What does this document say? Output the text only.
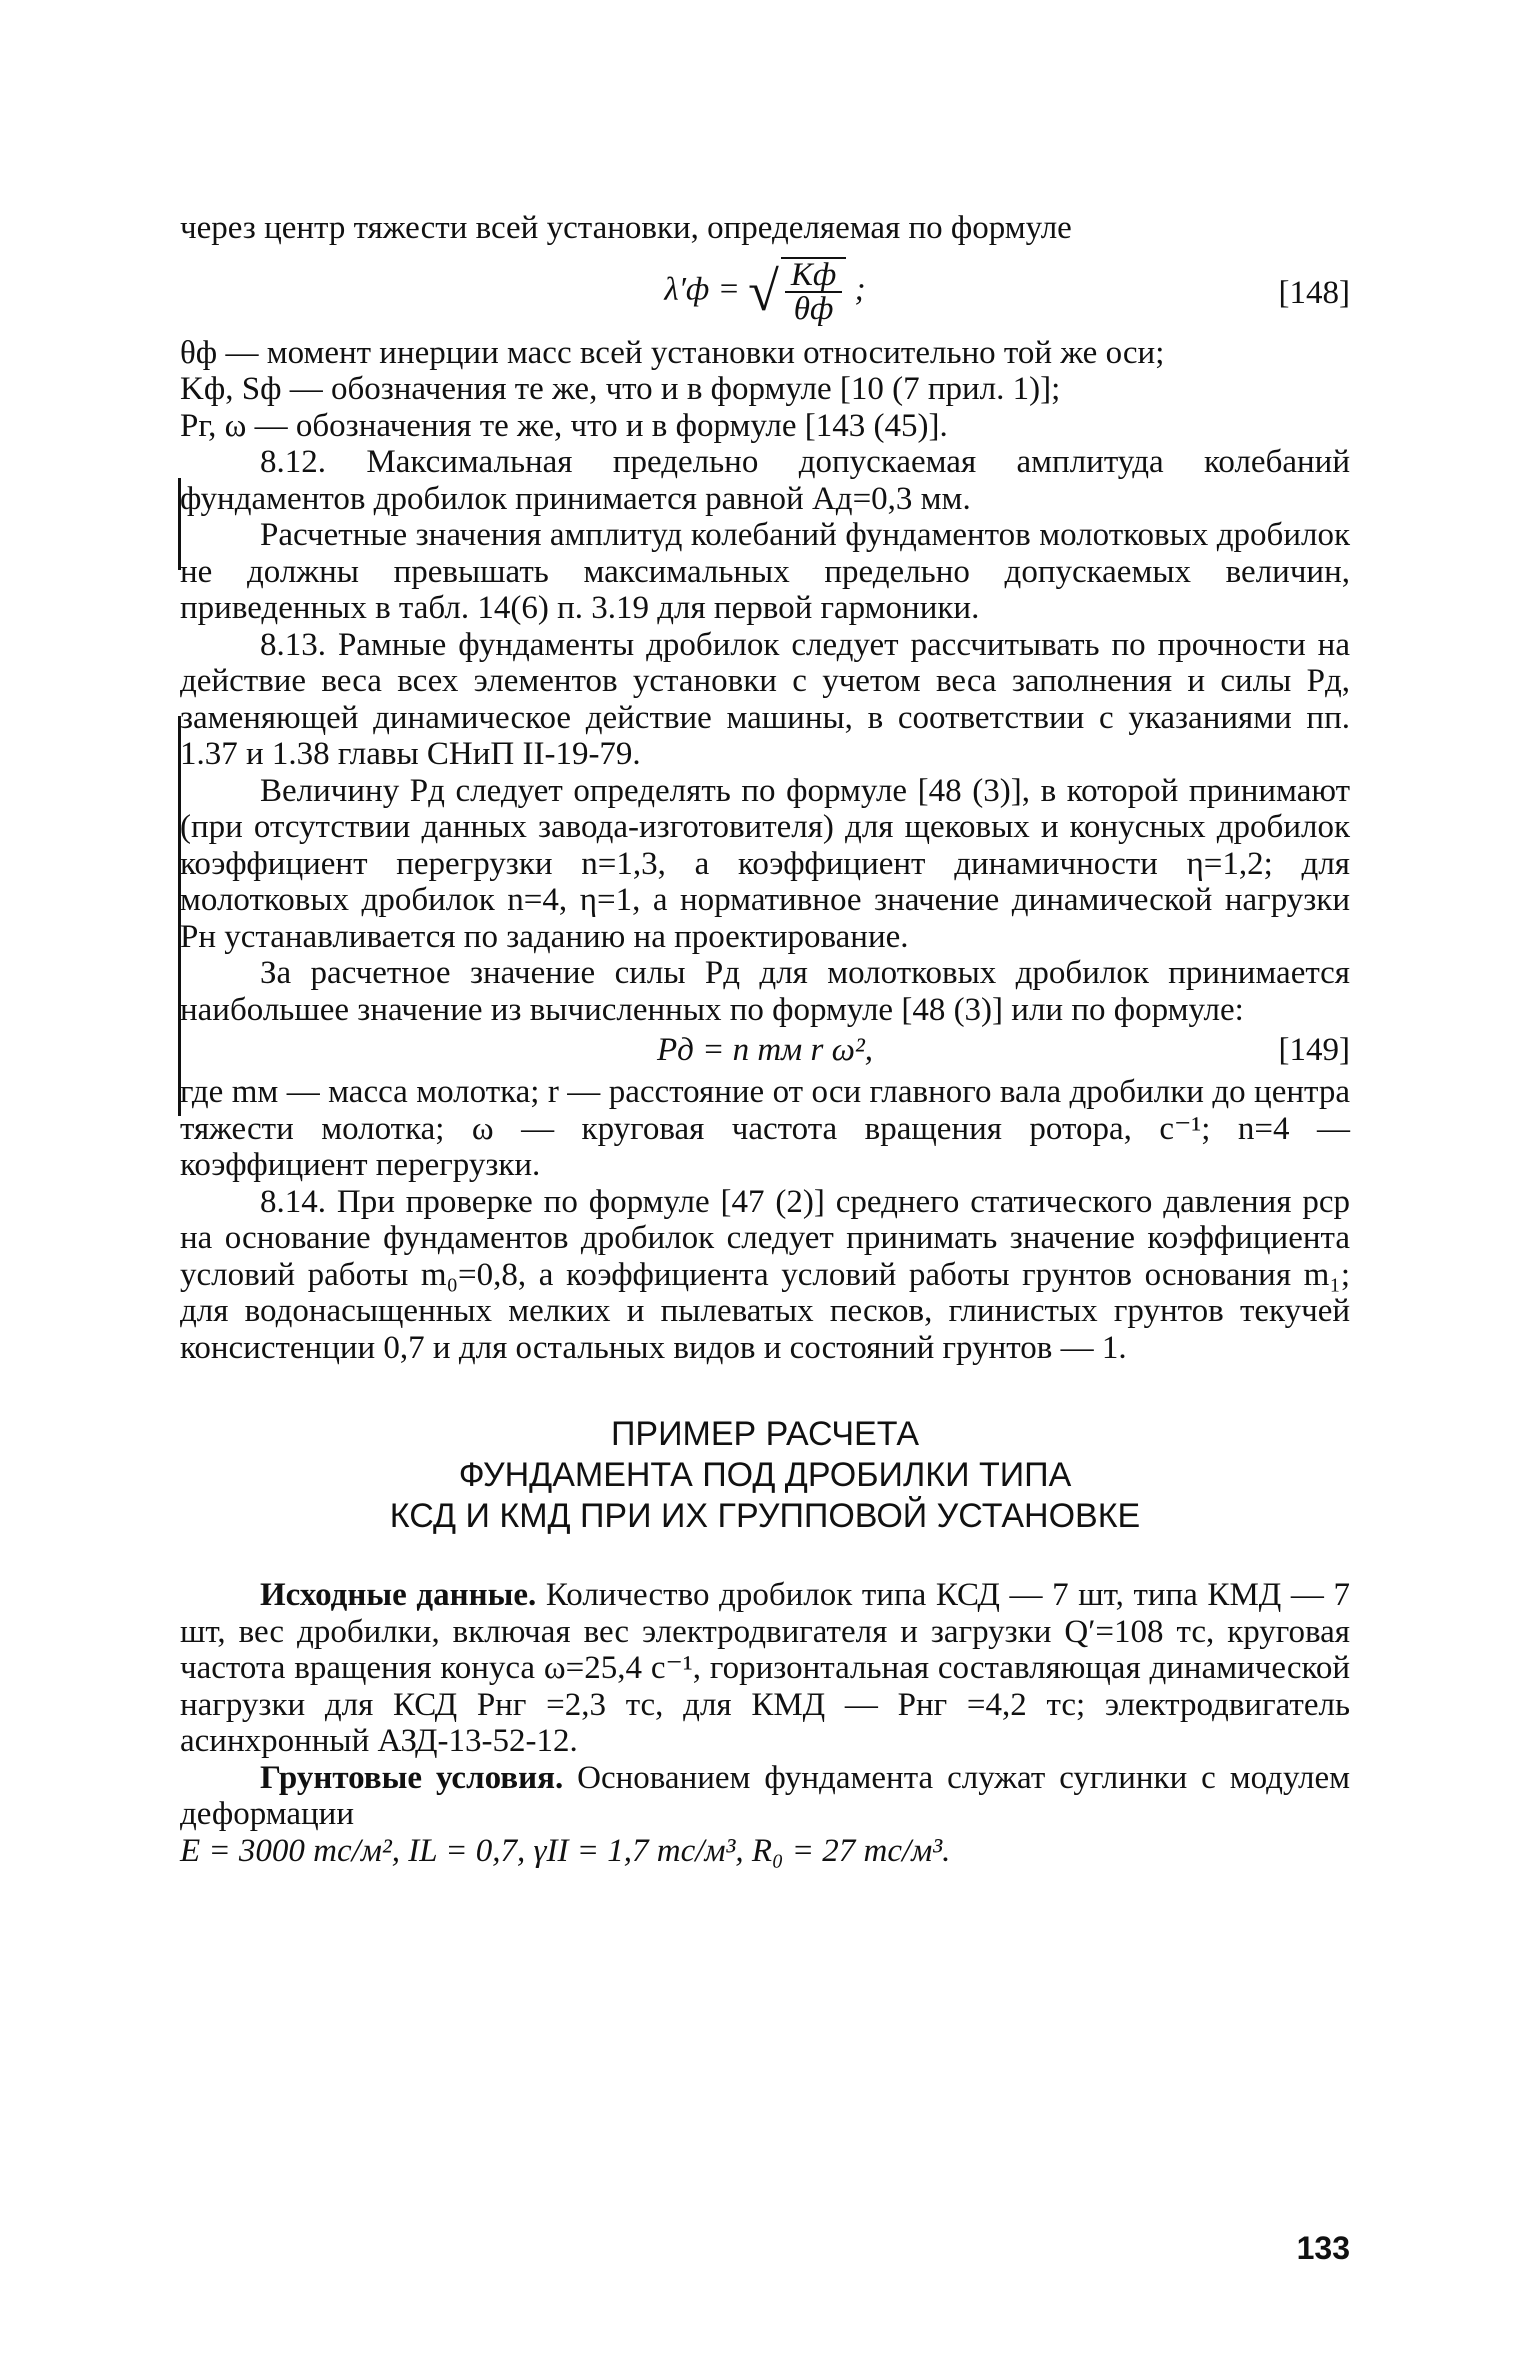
через центр тяжести всей установки, определяемая по формуле

λ′ф = √ $\frac{Kф}{\theta ф}$ ;	[148]

θф — момент инерции масс всей установки относительно той же оси;

Kф, Sф — обозначения те же, что и в формуле [10 (7 прил. 1)];

Pг, ω — обозначения те же, что и в формуле [143 (45)].

8.12. Максимальная предельно допускаемая амплитуда колебаний фундаментов дробилок принимается равной Aд=0,3 мм.

Расчетные значения амплитуд колебаний фундаментов молотковых дробилок не должны превышать максимальных предельно допускаемых величин, приведенных в табл. 14(6) п. 3.19 для первой гармоники.

8.13. Рамные фундаменты дробилок следует рассчитывать по прочности на действие веса всех элементов установки с учетом веса заполнения и силы Pд, заменяющей динамическое действие машины, в соответствии с указаниями пп. 1.37 и 1.38 главы СНиП II-19-79.

Величину Pд следует определять по формуле [48 (3)], в которой принимают (при отсутствии данных завода-изготовителя) для щековых и конусных дробилок коэффициент перегрузки n=1,3, а коэффициент динамичности η=1,2; для молотковых дробилок n=4, η=1, а нормативное значение динамической нагрузки Pн устанавливается по заданию на проектирование.

За расчетное значение силы Pд для молотковых дробилок принимается наибольшее значение из вычисленных по формуле [48 (3)] или по формуле:

Pд = n mм r ω²,	[149]

где mм — масса молотка; r — расстояние от оси главного вала дробилки до центра тяжести молотка; ω — круговая частота вращения ротора, с⁻¹; n=4 — коэффициент перегрузки.

8.14. При проверке по формуле [47 (2)] среднего статического давления pср на основание фундаментов дробилок следует принимать значение коэффициента условий работы m₀=0,8, а коэффициента условий работы грунтов основания m₁; для водонасыщенных мелких и пылеватых песков, глинистых грунтов текучей консистенции 0,7 и для остальных видов и состояний грунтов — 1.

ПРИМЕР РАСЧЕТА

ФУНДАМЕНТА ПОД ДРОБИЛКИ ТИПА

КСД И КМД ПРИ ИХ ГРУППОВОЙ УСТАНОВКЕ

Исходные данные. Количество дробилок типа КСД — 7 шт, типа КМД — 7 шт, вес дробилки, включая вес электродвигателя и загрузки Q′=108 тс, круговая частота вращения конуса ω=25,4 с⁻¹, горизонтальная составляющая динамической нагрузки для КСД Pнг =2,3 тс, для КМД — Pнг =4,2 тс; электродвигатель асинхронный АЗД-13-52-12.

Грунтовые условия. Основанием фундамента служат суглинки с модулем деформации

E = 3000 тс/м², IL = 0,7, γII = 1,7 тс/м³, R₀ = 27 тс/м³.

133
